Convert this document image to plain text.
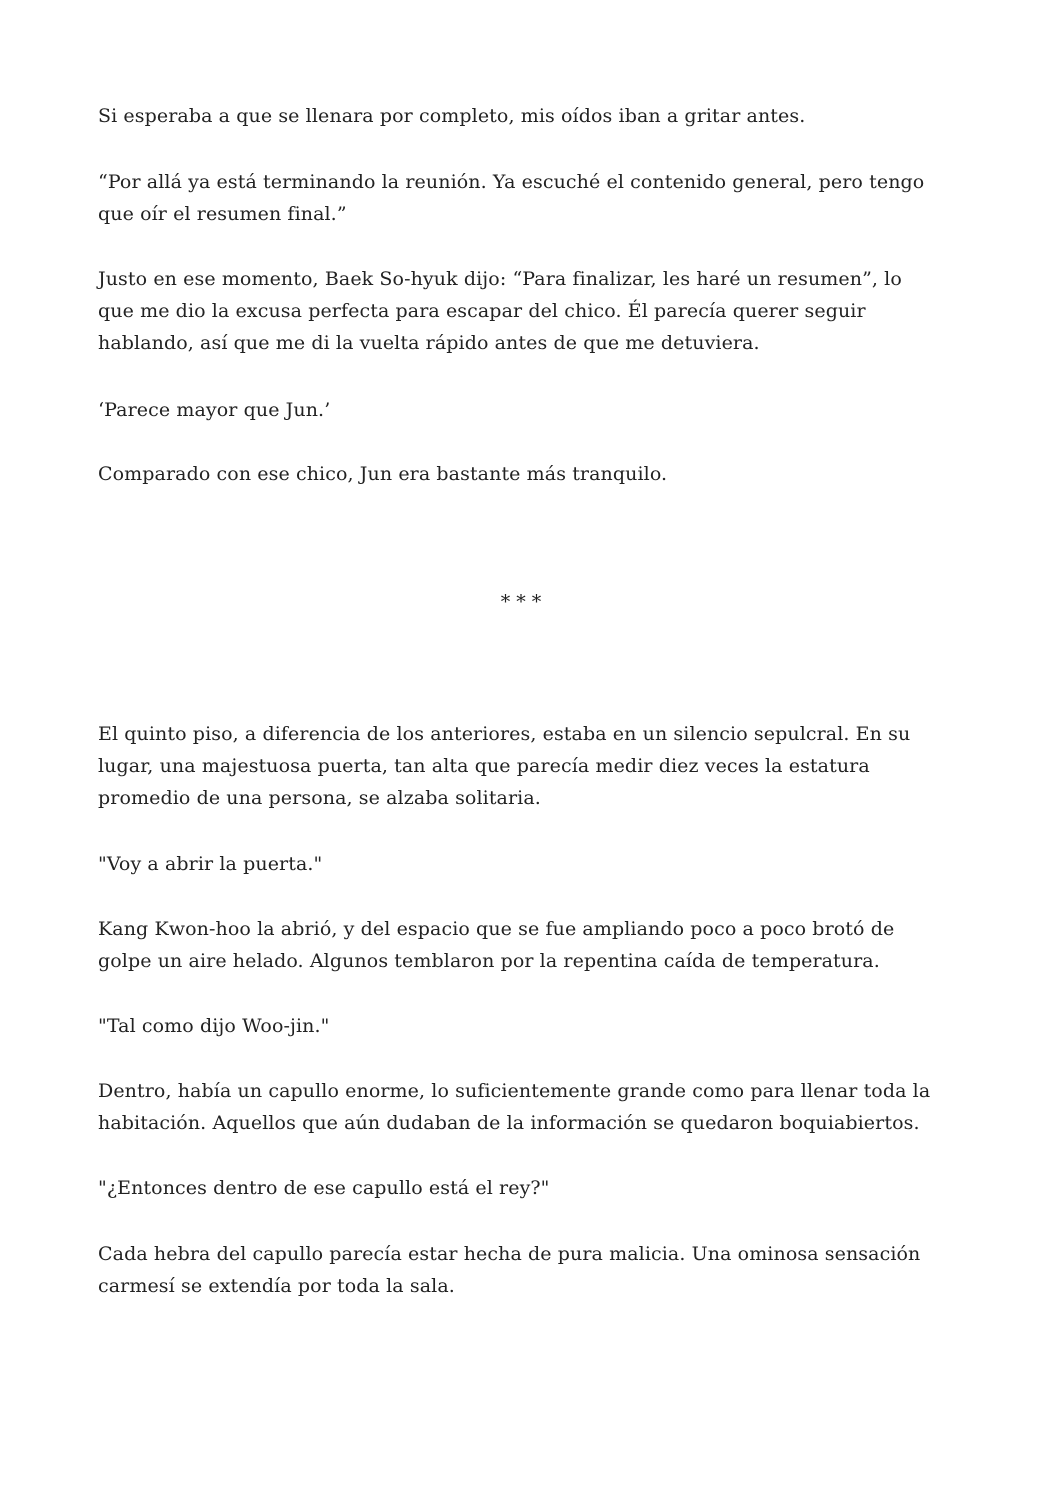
Si esperaba a que se llenara por completo, mis oídos iban a gritar antes.

“Por allá ya está terminando la reunión. Ya escuché el contenido general, pero tengo que oír el resumen final.”

Justo en ese momento, Baek So-hyuk dijo: “Para finalizar, les haré un resumen”, lo que me dio la excusa perfecta para escapar del chico. Él parecía querer seguir hablando, así que me di la vuelta rápido antes de que me detuviera.

‘Parece mayor que Jun.’

Comparado con ese chico, Jun era bastante más tranquilo.

* * *

El quinto piso, a diferencia de los anteriores, estaba en un silencio sepulcral. En su lugar, una majestuosa puerta, tan alta que parecía medir diez veces la estatura promedio de una persona, se alzaba solitaria.

"Voy a abrir la puerta."

Kang Kwon-hoo la abrió, y del espacio que se fue ampliando poco a poco brotó de golpe un aire helado. Algunos temblaron por la repentina caída de temperatura.

"Tal como dijo Woo-jin."

Dentro, había un capullo enorme, lo suficientemente grande como para llenar toda la habitación. Aquellos que aún dudaban de la información se quedaron boquiabiertos.

"¿Entonces dentro de ese capullo está el rey?"

Cada hebra del capullo parecía estar hecha de pura malicia. Una ominosa sensación carmesí se extendía por toda la sala.
